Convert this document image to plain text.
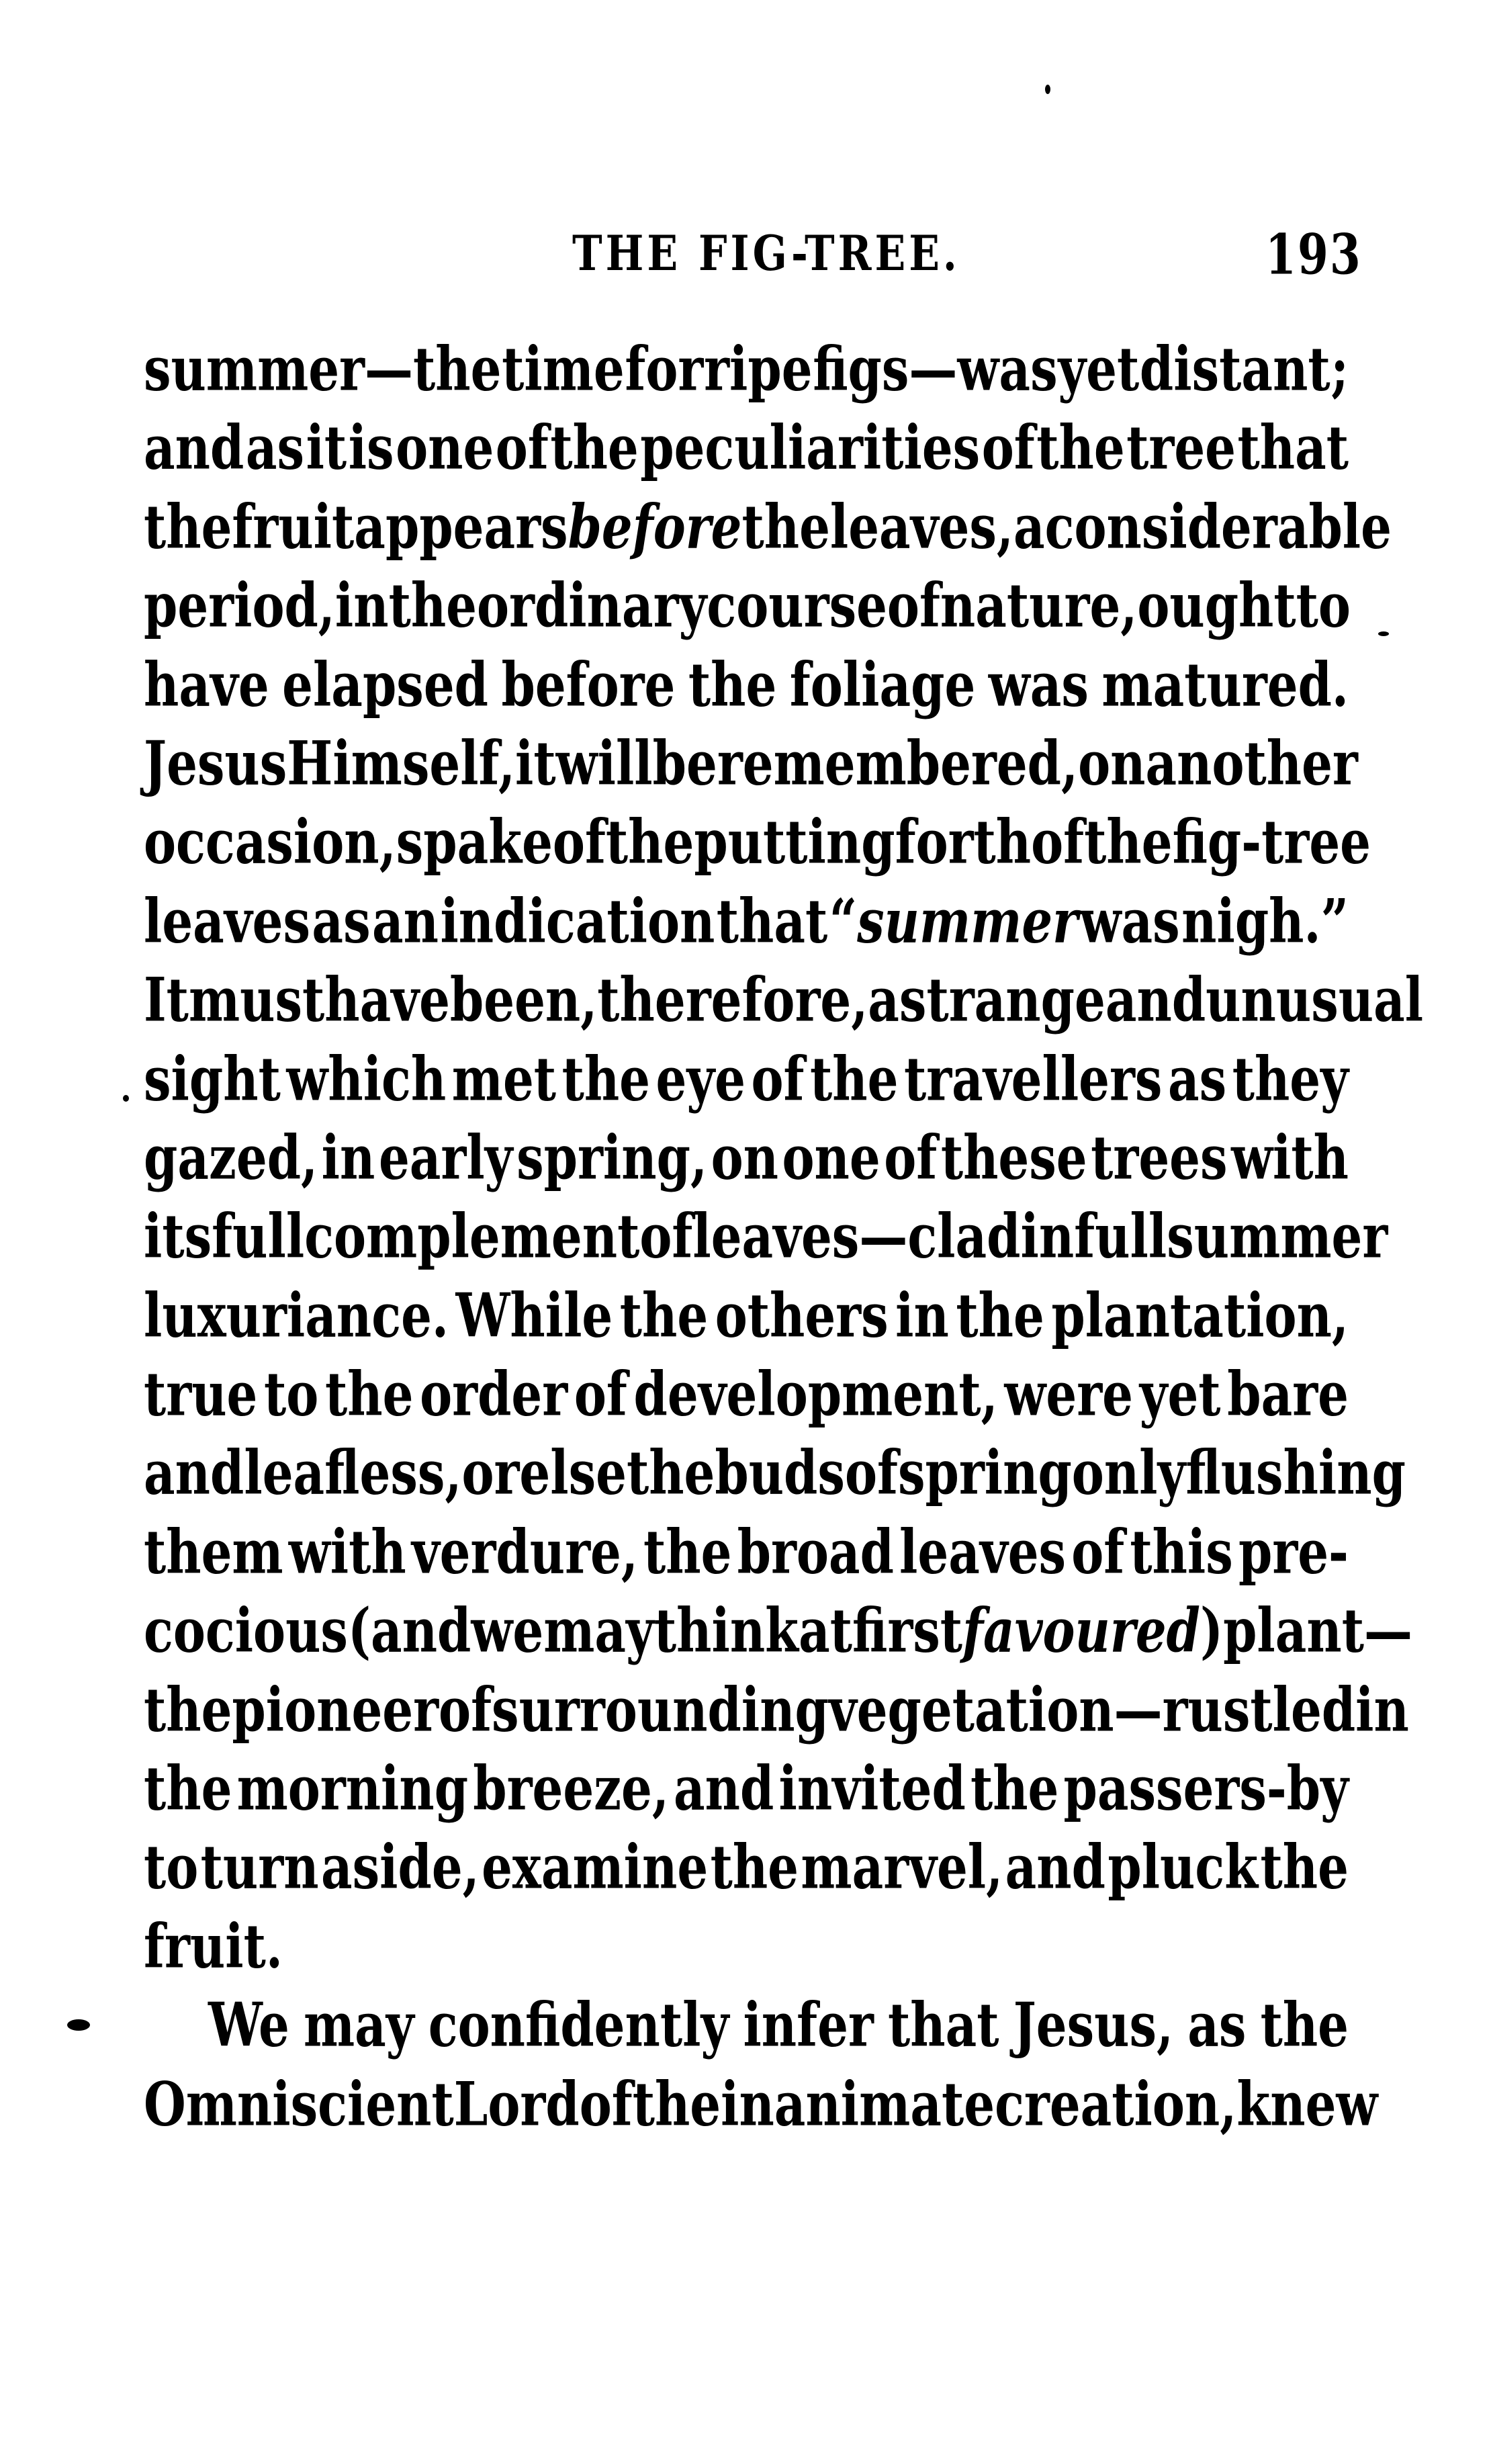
THE FIG-TREE.	193
summer—the time for ripe figs—was yet distant ;
and as it is one of the peculiarities of the tree that
the fruit appears before the leaves, a considerable
period, in the ordinary course of nature, ought to
have elapsed before the foliage was matured.
Jesus Himself, it will be remembered, on another
occasion, spake of the putting forth of the fig-tree
leaves as an indication that “summer was nigh.”
It must have been, therefore, a strange and unusual
sight which met the eye of the travellers as they
gazed, in early spring, on one of these trees with
its full complement of leaves—clad in full summer
luxuriance. While the others in the plantation,
true to the order of development, were yet bare
and leafless, or else the buds of spring only flushing
them with verdure, the broad leaves of this pre-
cocious (and we may think at first favoured) plant—
the pioneer of surrounding vegetation—rustled in
the morning breeze, and invited the passers-by
to turn aside, examine the marvel, and pluck the
fruit.
We may confidently infer that Jesus, as the
Omniscient Lord of the inanimate creation, knew
